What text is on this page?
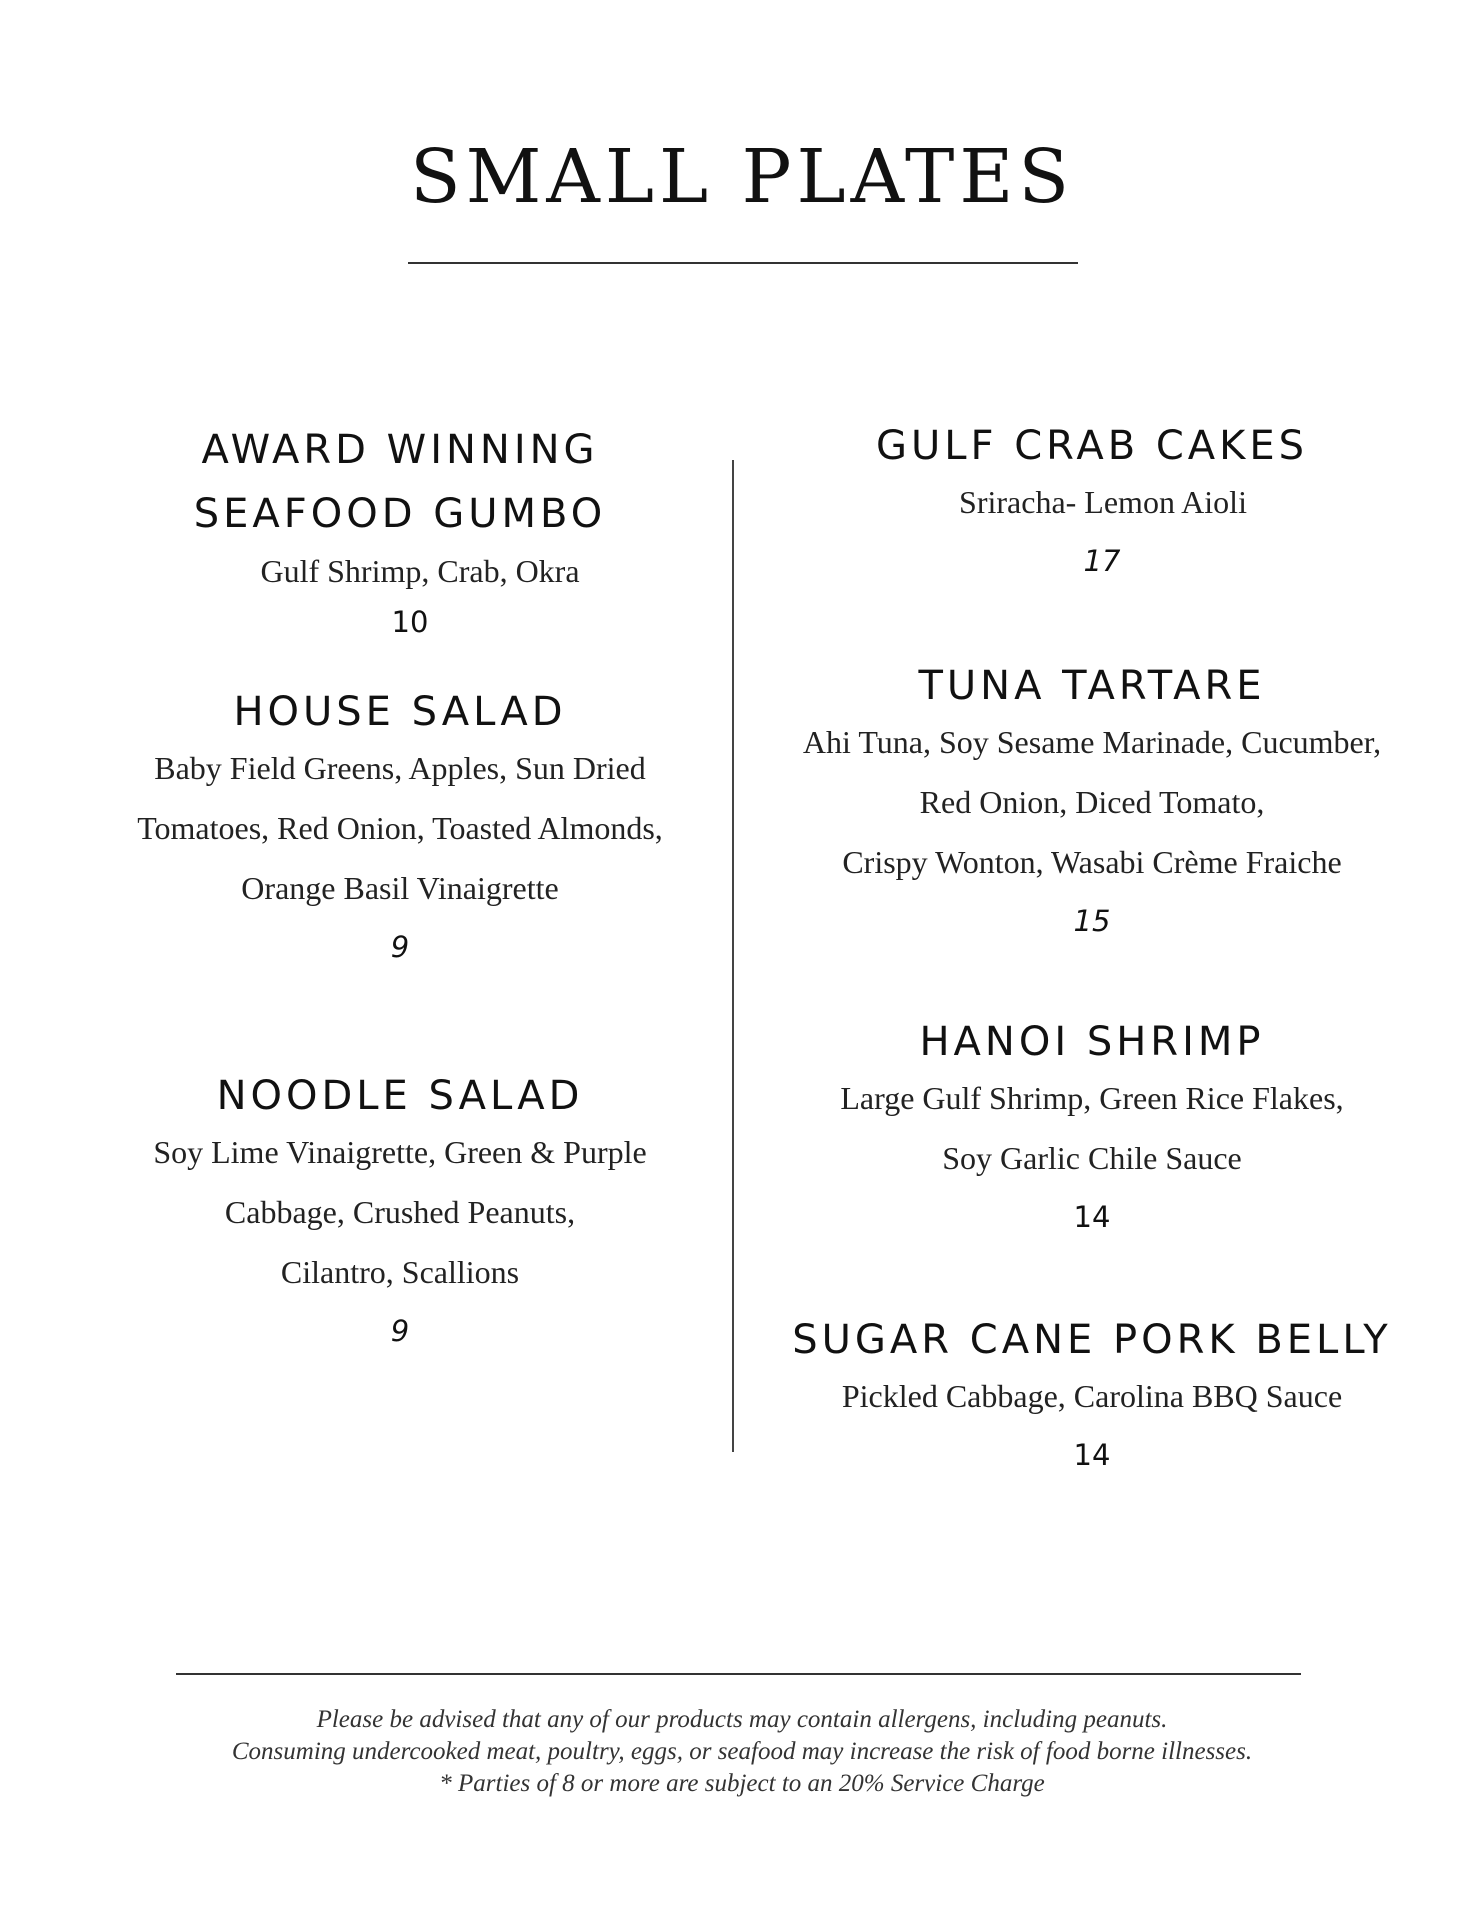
SMALL PLATES
AWARD WINNING
SEAFOOD GUMBO
Gulf Shrimp, Crab, Okra
10
HOUSE SALAD
Baby Field Greens, Apples, Sun Dried
Tomatoes, Red Onion, Toasted Almonds,
Orange Basil Vinaigrette
9
NOODLE SALAD
Soy Lime Vinaigrette, Green & Purple
Cabbage, Crushed Peanuts,
Cilantro, Scallions
9
GULF CRAB CAKES
Sriracha- Lemon Aioli
17
TUNA TARTARE
Ahi Tuna, Soy Sesame Marinade, Cucumber,
Red Onion, Diced Tomato,
Crispy Wonton, Wasabi Crème Fraiche
15
HANOI SHRIMP
Large Gulf Shrimp, Green Rice Flakes,
Soy Garlic Chile Sauce
14
SUGAR CANE PORK BELLY
Pickled Cabbage, Carolina BBQ Sauce
14
Please be advised that any of our products may contain allergens, including peanuts.
Consuming undercooked meat, poultry, eggs, or seafood may increase the risk of food borne illnesses.
* Parties of 8 or more are subject to an 20% Service Charge
